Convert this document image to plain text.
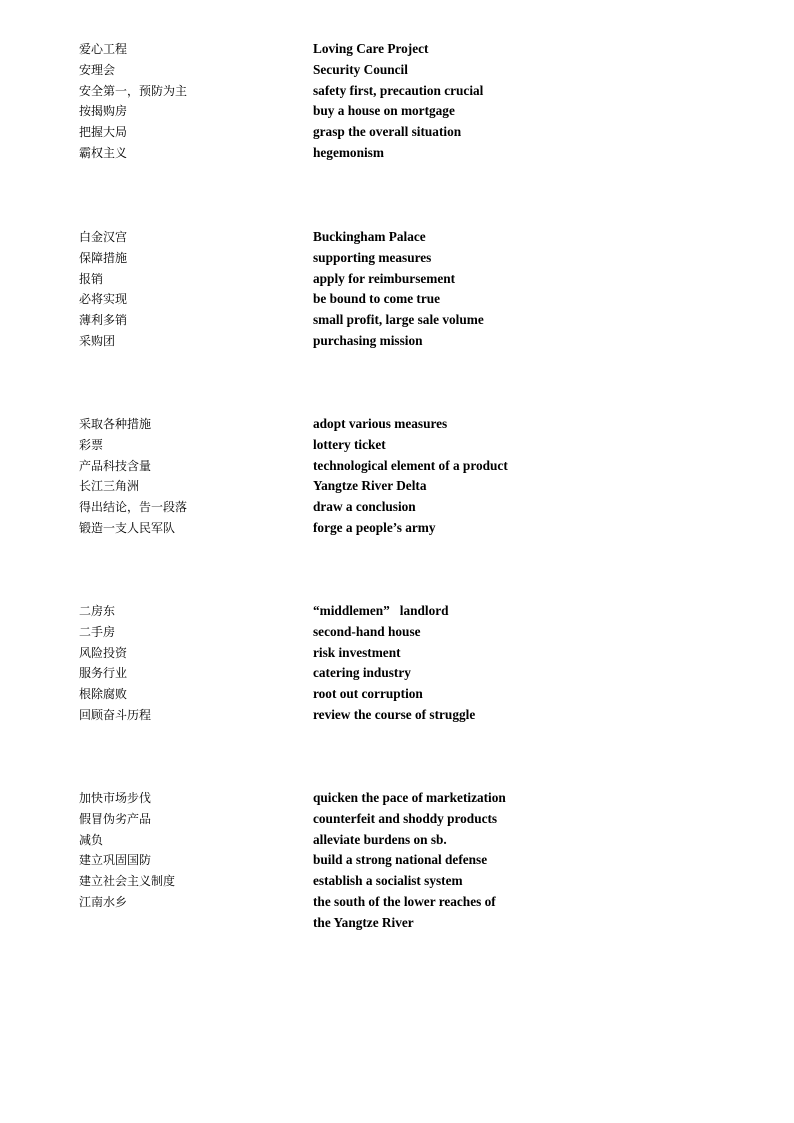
爱心工程	Loving Care Project
安理会	Security Council
安全第一，预防为主	safety first, precaution crucial
按揭购房	buy a house on mortgage
把握大局	grasp the overall situation
霸权主义	hegemonism
白金汉宫	Buckingham Palace
保障措施	supporting measures
报销	apply for reimbursement
必将实现	be bound to come true
薄利多销	small profit, large sale volume
采购团	purchasing mission
采取各种措施	adopt various measures
彩票	lottery ticket
产品科技含量	technological element of a product
长江三角洲	Yangtze River Delta
得出结论，告一段落	draw a conclusion
锻造一支人民军队	forge a people’s army
二房东	“middlemen”   landlord
二手房	second-hand house
风险投资	risk investment
服务行业	catering industry
根除腐败	root out corruption
回顾奋斗历程	review the course of struggle
加快市场步伐	quicken the pace of marketization
假冒伪劣产品	counterfeit and shoddy products
减负	alleviate burdens on sb.
建立巩固国防	build a strong national defense
建立社会主义制度	establish a socialist system
江南水乡	the south of the lower reaches of
the Yangtze River
